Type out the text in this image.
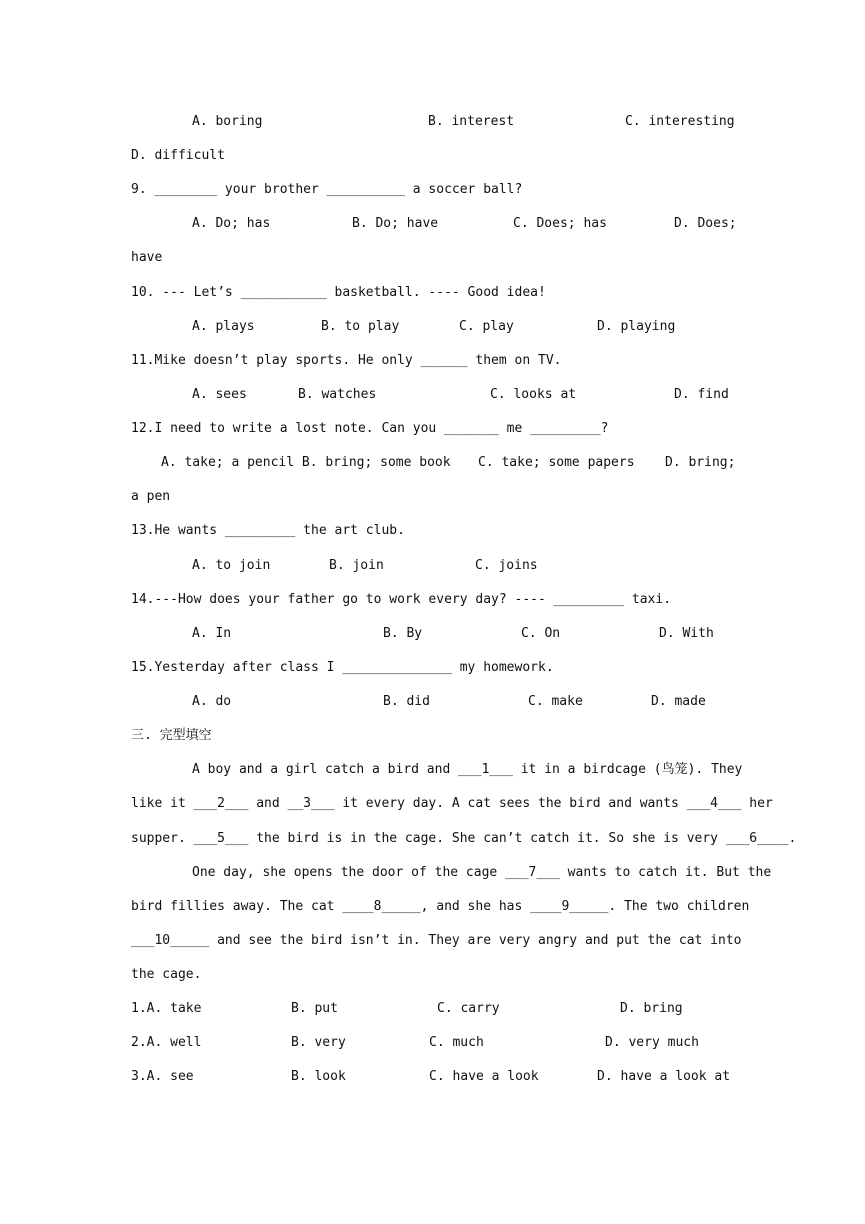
A. boring	B. interest	C. interesting
D. difficult
9. ________ your brother __________ a soccer ball?
A. Do; has	B. Do; have	C. Does; has	D. Does;
have
10. --- Let’s ___________ basketball. ---- Good idea!
A. plays	B. to play	C. play	D. playing
11.Mike doesn’t play sports. He only ______ them on TV.
A. sees	B. watches	C. looks at	D. find
12.I need to write a lost note. Can you _______ me _________?
A. take; a pencil B. bring; some book C. take; some papers D. bring;
a pen
13.He wants _________ the art club.
A. to join	B. join	C. joins
14.---How does your father go to work every day? ---- _________ taxi.
A. In	B. By	C. On	D. With
15.Yesterday after class I ______________ my homework.
A. do	B. did	C. make	D. made
三. 完型填空
A boy and a girl catch a bird and ___1___ it in a birdcage (鸟笼). They
like it ___2___ and __3___ it every day. A cat sees the bird and wants ___4___ her
supper. ___5___ the bird is in the cage. She can’t catch it. So she is very ___6____.
One day, she opens the door of the cage ___7___ wants to catch it. But the
bird fillies away. The cat ____8_____, and she has ____9_____. The two children
___10_____ and see the bird isn’t in. They are very angry and put the cat into
the cage.
1.A. take	B. put	C. carry	D. bring
2.A. well	B. very	C. much	D. very much
3.A. see	B. look	C. have a look	D. have a look at
